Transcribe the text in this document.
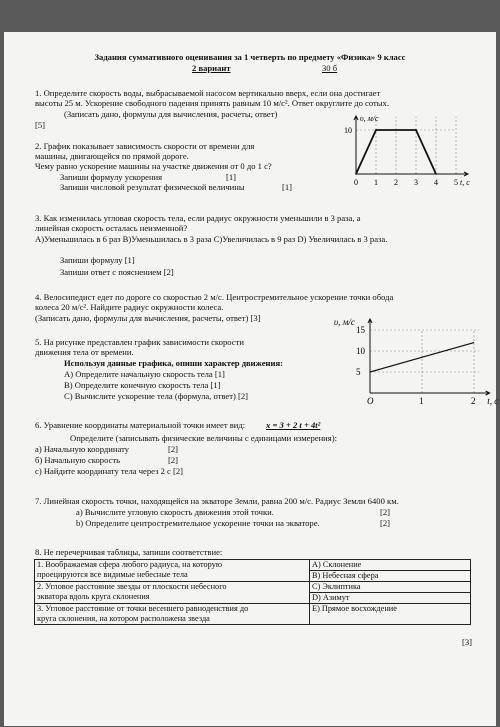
Задания суммативного оценивания за 1 четверть по предмету «Физика» 9 класс
2 вариант	30 б
1. Определите скорость воды, выбрасываемой насосом вертикально вверх, если она достигает
высоты 25 м. Ускорение свободного падения принять равным 10 м/с². Ответ округлите до сотых.
(Записать дано, формулы для вычисления, расчеты, ответ)
[5]
2. График показывает зависимость скорости от времени для
машины, двигающейся по прямой дороге.
Чему равно ускорение машины на участке движения от 0 до 1 с?
Запиши формулу ускорения	[1]
Запиши числовой результат физической величины	[1]
υ, м/с
t, с
10
0 1 2 3 4 5
3. Как изменилась угловая скорость тела, если радиус окружности уменьшили в 3 раза, а
линейная скорость осталась неизменной?
A)Уменьшилась в 6 раз B)Уменьшилась в 3 раза C)Увеличилась в 9 раз D) Увеличилась в 3 раза.
Запиши формулу [1]
Запиши ответ с пояснением [2]
4. Велосипедист едет по дороге со скоростью 2 м/с. Центростремительное ускорение точки обода
колеса 20 м/с². Найдите радиус окружности колеса.
(Записать дано, формулы для вычисления, расчеты, ответ) [3]	υ, м/с
t, с
15
10
5
O	1	2
5. На рисунке представлен график зависимости скорости
движения тела от времени.
Используя данные графика, опиши характер движения:
A) Определите начальную скорость тела [1]
B) Определите конечную скорость тела [1]
C) Вычислите ускорение тела (формула, ответ) [2]
6. Уравнение координаты материальной точки имеет вид: x = 3 + 2 t + 4t²
Определите (записывать физические величины с единицами измерения):
а) Начальную координату	[2]
б) Начальную скорость	[2]
с) Найдите координату тела через 2 с [2]
7. Линейная скорость точки, находящейся на экваторе Земли, равна 200 м/с. Радиус Земли 6400 км.
a) Вычислите угловую скорость движения этой точки.	[2]
b) Определите центростремительное ускорение точки на экваторе.	[2]
8. Не перечерчивая таблицы, запиши соответствие:
1. Воображаемая сфера любого радиуса, на которую
проецируются все видимые небесные тела	A) Склонение
	B) Небесная сфера
2. Угловое расстояние звезды от плоскости небесного
экватора вдоль круга склонения	C) Эклиптика
	D) Азимут
3. Угловое расстояние от точки весеннего равноденствия до
круга склонения, на котором расположена звезда	E) Прямое восхождение
[3]
